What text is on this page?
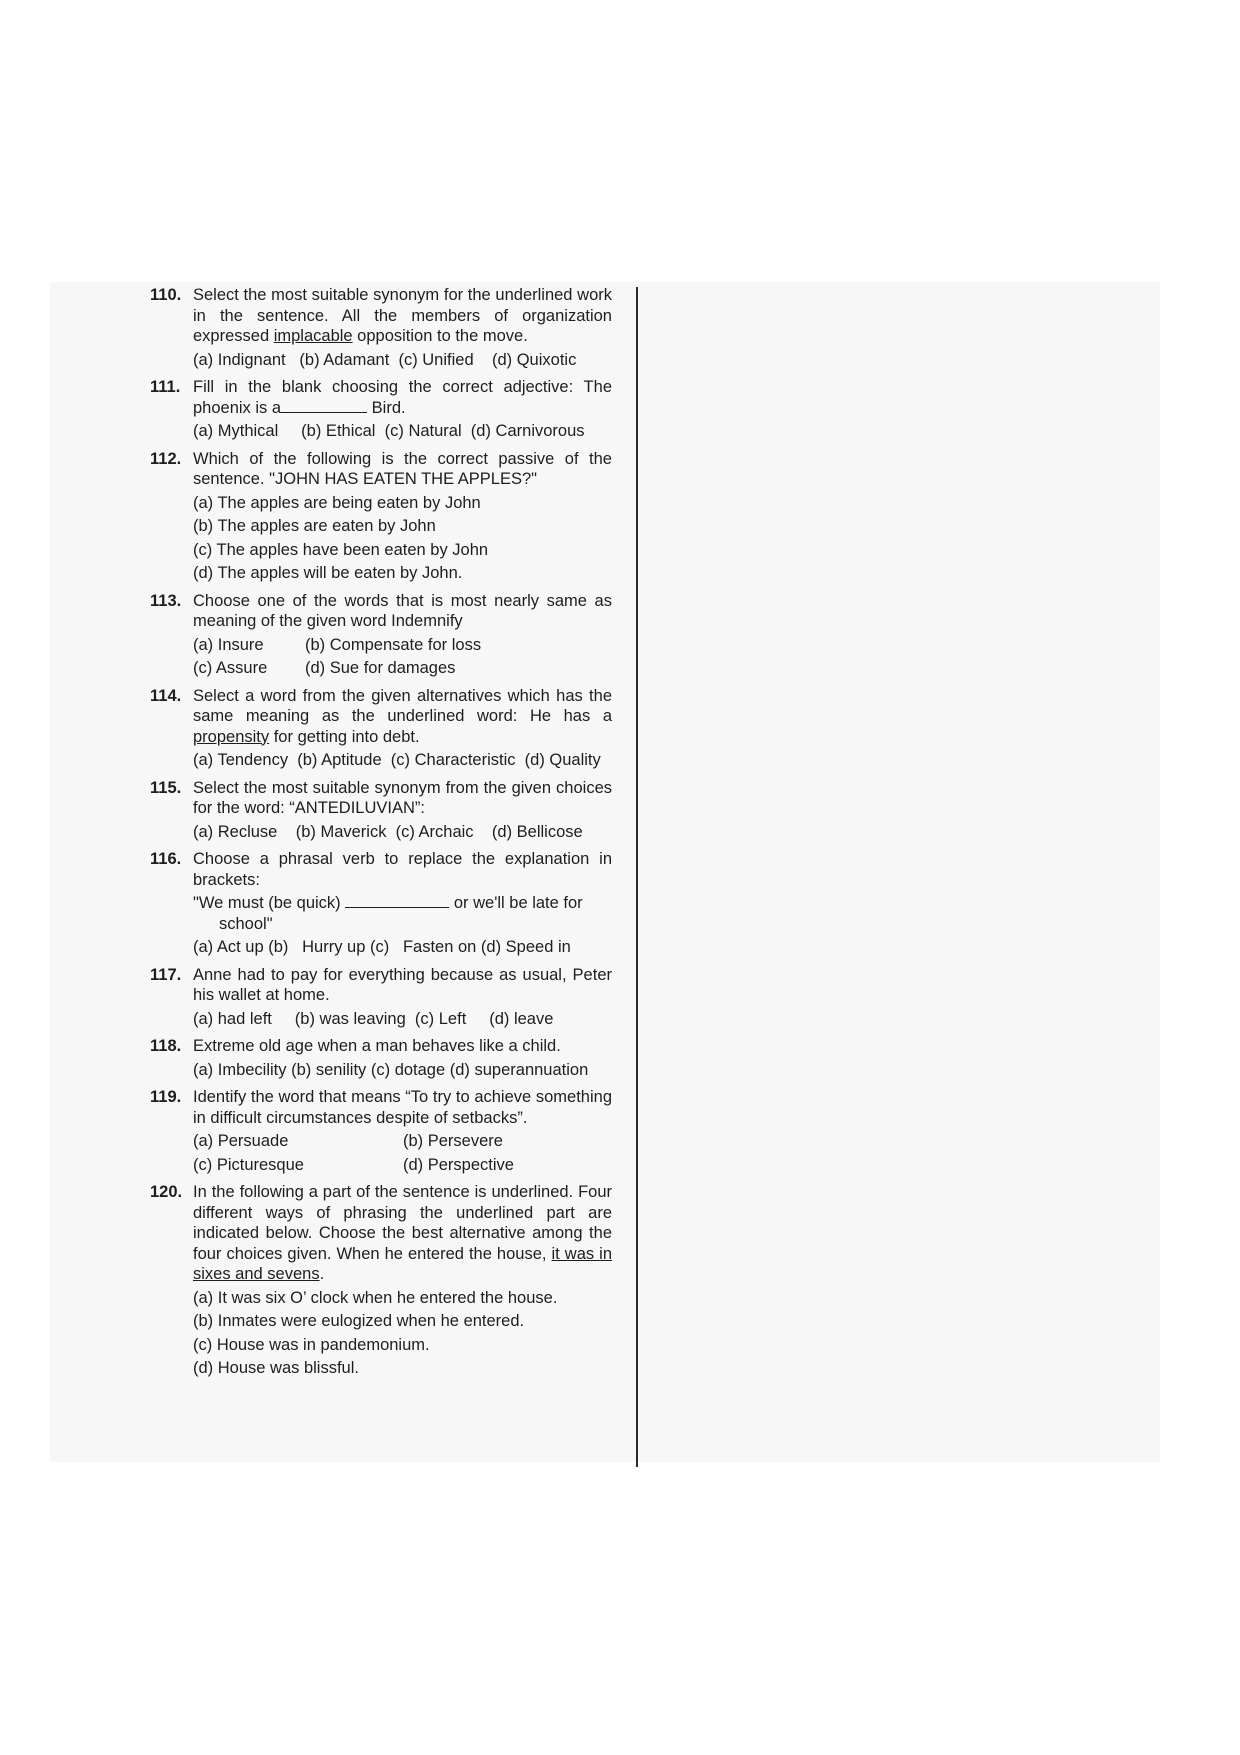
110. Select the most suitable synonym for the underlined work in the sentence. All the members of organization expressed implacable opposition to the move.
(a) Indignant   (b) Adamant  (c) Unified    (d) Quixotic
111. Fill in the blank choosing the correct adjective: The phoenix is a	Bird.
(a) Mythical     (b) Ethical  (c) Natural  (d) Carnivorous
112. Which of the following is the correct passive of the sentence. "JOHN HAS EATEN THE APPLES?"
(a) The apples are being eaten by John
(b) The apples are eaten by John
(c) The apples have been eaten by John
(d) The apples will be eaten by John.
113. Choose one of the words that is most nearly same as meaning of the given word Indemnify
(a) Insure	(b) Compensate for loss
(c) Assure	(d) Sue for damages
114. Select a word from the given alternatives which has the same meaning as the underlined word: He has a propensity for getting into debt.
(a) Tendency  (b) Aptitude  (c) Characteristic  (d) Quality
115. Select the most suitable synonym from the given choices for the word: “ANTEDILUVIAN”:
(a) Recluse    (b) Maverick  (c) Archaic    (d) Bellicose
116. Choose a phrasal verb to replace the explanation in brackets:
"We must (be quick)	or we'll be late for
school"
(a) Act up (b)   Hurry up (c)   Fasten on (d) Speed in
117. Anne had to pay for everything because as usual, Peter his wallet at home.
(a) had left     (b) was leaving  (c) Left     (d) leave
118. Extreme old age when a man behaves like a child.
(a) Imbecility (b) senility (c) dotage (d) superannuation
119. Identify the word that means “To try to achieve something in difficult circumstances despite of setbacks”.
(a) Persuade	(b) Persevere
(c) Picturesque	(d) Perspective
120. In the following a part of the sentence is underlined. Four different ways of phrasing the underlined part are indicated below. Choose the best alternative among the four choices given. When he entered the house, it was in sixes and sevens.
(a) It was six O’ clock when he entered the house.
(b) Inmates were eulogized when he entered.
(c) House was in pandemonium.
(d) House was blissful.
